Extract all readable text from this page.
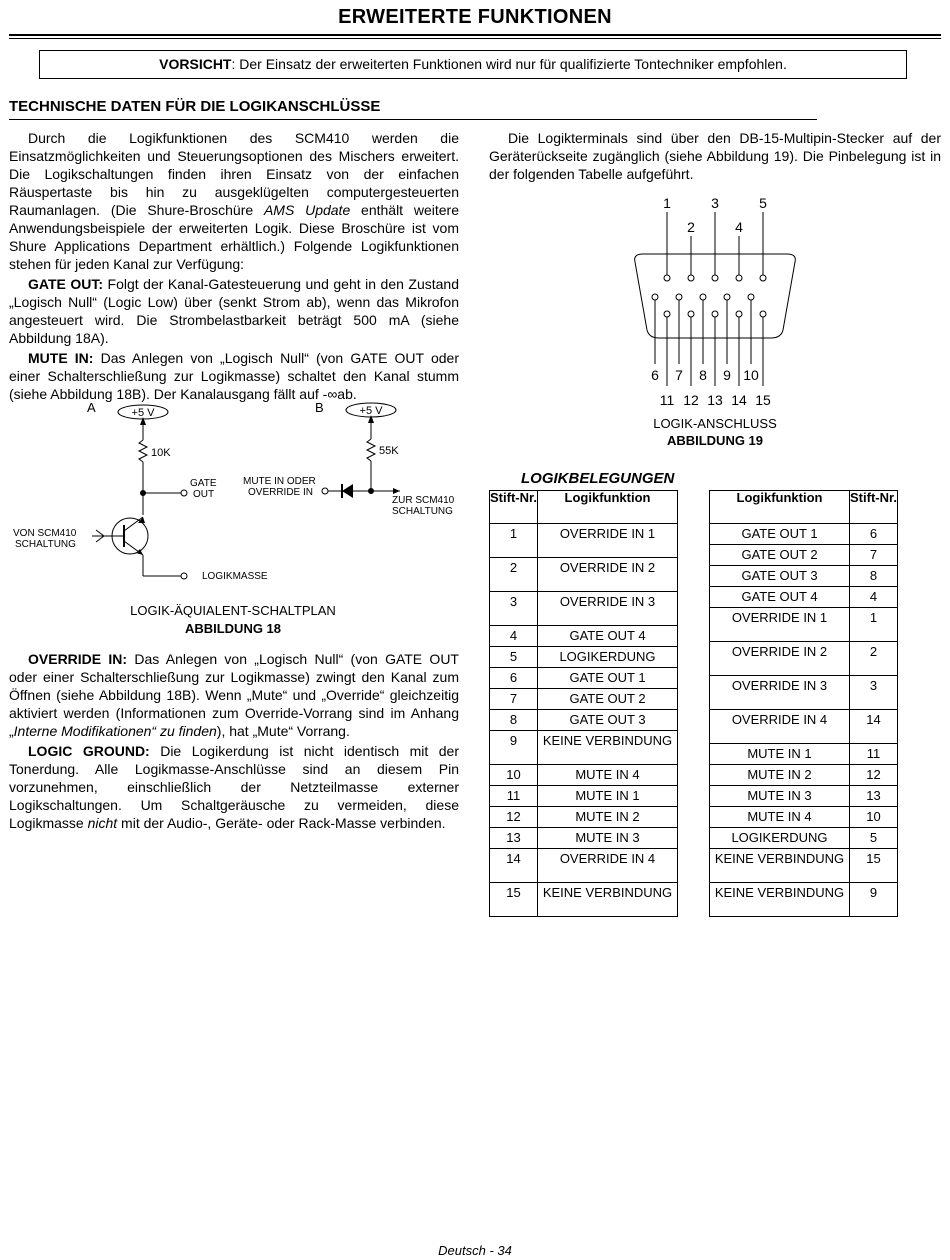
ERWEITERTE FUNKTIONEN
VORSICHT: Der Einsatz der erweiterten Funktionen wird nur für qualifizierte Tontechniker empfohlen.
TECHNISCHE DATEN FÜR DIE LOGIKANSCHLÜSSE

Durch die Logikfunktionen des SCM410 werden die Einsatzmöglichkeiten und Steuerungsoptionen des Mischers erweitert. Die Logikschaltungen finden ihren Einsatz von der einfachen Räuspertaste bis hin zu ausgeklügelten computergesteuerten Raumanlagen. (Die Shure-Broschüre AMS Update enthält weitere Anwendungsbeispiele der erweiterten Logik. Diese Broschüre ist vom Shure Applications Department erhältlich.) Folgende Logikfunktionen stehen für jeden Kanal zur Verfügung:

GATE OUT: Folgt der Kanal-Gatesteuerung und geht in den Zustand „Logisch Null“ (Logic Low) über (senkt Strom ab), wenn das Mikrofon angesteuert wird. Die Strombelastbarkeit beträgt 500 mA (siehe Abbildung 18A).

MUTE IN: Das Anlegen von „Logisch Null“ (von GATE OUT oder einer Schalterschließung zur Logikmasse) schaltet den Kanal stumm (siehe Abbildung 18B). Der Kanalausgang fällt auf -∞ab.

A	B
+5 V	+5 V
10K	55K
GATE
OUT
MUTE IN ODER
OVERRIDE IN
ZUR SCM410
SCHALTUNG
VON SCM410
SCHALTUNG
LOGIKMASSE
LOGIK-ÄQUIALENT-SCHALTPLAN
ABBILDUNG 18

OVERRIDE IN: Das Anlegen von „Logisch Null“ (von GATE OUT oder einer Schalterschließung zur Logikmasse) zwingt den Kanal zum Öffnen (siehe Abbildung 18B). Wenn „Mute“ und „Override“ gleichzeitig aktiviert werden (Informationen zum Override-Vorrang sind im Anhang „Interne Modifikationen“ zu finden), hat „Mute“ Vorrang.

LOGIC GROUND: Die Logikerdung ist nicht identisch mit der Tonerdung. Alle Logikmasse-Anschlüsse sind an diesem Pin vorzunehmen, einschließlich der Netzteilmasse externer Logikschaltungen. Um Schaltgeräusche zu vermeiden, diese Logikmasse nicht mit der Audio-, Geräte- oder Rack-Masse verbinden.

Die Logikterminals sind über den DB-15-Multipin-Stecker auf der Geräterückseite zugänglich (siehe Abbildung 19). Die Pinbelegung ist in der folgenden Tabelle aufgeführt.

1
2
3
4
5
6 7 8 9 10
11 12 13 14 15
LOGIK-ANSCHLUSS
ABBILDUNG 19
LOGIKBELEGUNGEN
Stift-Nr.	Logikfunktion
1	OVERRIDE IN 1
2	OVERRIDE IN 2
3	OVERRIDE IN 3
4	GATE OUT 4
5	LOGIKERDUNG
6	GATE OUT 1
7	GATE OUT 2
8	GATE OUT 3
9	KEINE VERBINDUNG
10	MUTE IN 4
11	MUTE IN 1
12	MUTE IN 2
13	MUTE IN 3
14	OVERRIDE IN 4
15	KEINE VERBINDUNG
Logikfunktion	Stift-Nr.
GATE OUT 1	6
GATE OUT 2	7
GATE OUT 3	8
GATE OUT 4	4
OVERRIDE IN 1	1
OVERRIDE IN 2	2
OVERRIDE IN 3	3
OVERRIDE IN 4	14
MUTE IN 1	11
MUTE IN 2	12
MUTE IN 3	13
MUTE IN 4	10
LOGIKERDUNG	5
KEINE VERBINDUNG	15
KEINE VERBINDUNG	9
Deutsch - 34
